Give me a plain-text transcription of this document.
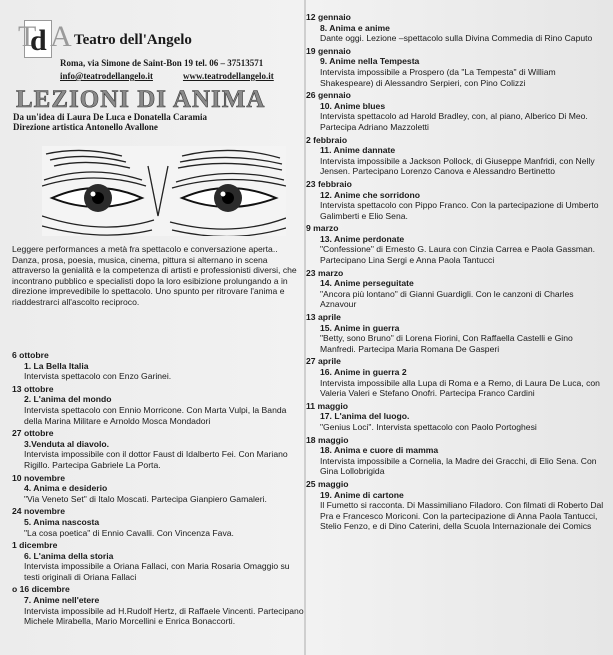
T
d A Teatro dell'Angelo
Roma, via Simone de Saint-Bon 19 tel. 06 – 37513571
info@teatrodellangelo.it	www.teatrodellangelo.it
LEZIONI DI ANIMA
Da un'idea di Laura De Luca e Donatella Caramia
Direzione artistica Antonello Avallone
Leggere performances a metà fra spettacolo e conversazione aperta.. Danza, prosa, poesia, musica, cinema, pittura si alternano in scena attraverso la genialità e la competenza di artisti e professionisti diversi, che incontrano pubblico e specialisti dopo la loro esibizione prolungando a in direzione imprevedibile lo spettacolo. Uno spunto per ritrovare l'anima e riaddestrarci all'ascolto reciproco.
6 ottobre
1. La Bella Italia
Intervista spettacolo con Enzo Garinei.
13 ottobre
2. L'anima del mondo
Intervista spettacolo con Ennio Morricone. Con Marta Vulpi, la Banda della Marina Militare e Arnoldo Mosca Mondadori
27 ottobre
3.Venduta al diavolo.
Intervista impossibile con il dottor Faust di Idalberto Fei. Con Mariano Rigillo. Partecipa Gabriele La Porta.
10 novembre
4. Anima e desiderio
"Via Veneto Set" di Italo Moscati. Partecipa Gianpiero Gamaleri.
24 novembre
5. Anima nascosta
"La cosa poetica" di Ennio Cavalli. Con Vincenza Fava.
1 dicembre
6. L'anima della storia
Intervista impossibile a Oriana Fallaci, con Maria Rosaria Omaggio su testi originali di Oriana Fallaci
o 16 dicembre
7. Anime nell'etere
Intervista impossibile ad H.Rudolf Hertz, di Raffaele Vincenti. Partecipano Michele Mirabella, Mario Morcellini e Enrica Bonaccorti.
12 gennaio
8. Anima e anime
Dante oggi. Lezione –spettacolo sulla Divina Commedia di Rino Caputo
19 gennaio
9. Anime nella Tempesta
Intervista impossibile a Prospero (da "La Tempesta" di William Shakespeare) di Alessandro Serpieri, con Pino Colizzi
26 gennaio
10. Anime blues
Intervista spettacolo ad Harold Bradley, con, al piano, Alberico Di Meo. Partecipa Adriano Mazzoletti
2 febbraio
11. Anime dannate
Intervista impossibile a Jackson Pollock, di Giuseppe Manfridi, con Nelly Jensen. Partecipano Lorenzo Canova e Alessandro Bertinetto
23 febbraio
12. Anime che sorridono
Intervista spettacolo con Pippo Franco. Con la partecipazione di Umberto Galimberti e Elio Sena.
9 marzo
13. Anime perdonate
"Confessione" di Ernesto G. Laura con Cinzia Carrea e Paola Gassman. Partecipano Lina Sergi e Anna Paola Tantucci
23 marzo
14. Anime perseguitate
"Ancora più lontano" di Gianni Guardigli. Con le canzoni di Charles Aznavour
13 aprile
15. Anime in guerra
"Betty, sono Bruno" di Lorena Fiorini, Con Raffaella Castelli e Gino Manfredi. Partecipa Maria Romana De Gasperi
27 aprile
16. Anime in guerra 2
Intervista impossibile alla Lupa di Roma e a Remo, di Laura De Luca, con Valeria Valeri e Stefano Onofri. Partecipa Franco Cardini
11 maggio
17. L'anima del luogo.
"Genius Loci". Intervista spettacolo con Paolo Portoghesi
18 maggio
18. Anima e cuore di mamma
Intervista impossibile a Cornelia, la Madre dei Gracchi, di Elio Sena. Con Gina Lollobrigida
25 maggio
19. Anime di cartone
Il Fumetto si racconta. Di Massimiliano Filadoro. Con filmati di Roberto Dal Pra e Francesco Moriconi. Con la partecipazione di Anna Paola Tantucci, Stelio Fenzo, e di Dino Caterini, della Scuola Internazionale dei Comics
